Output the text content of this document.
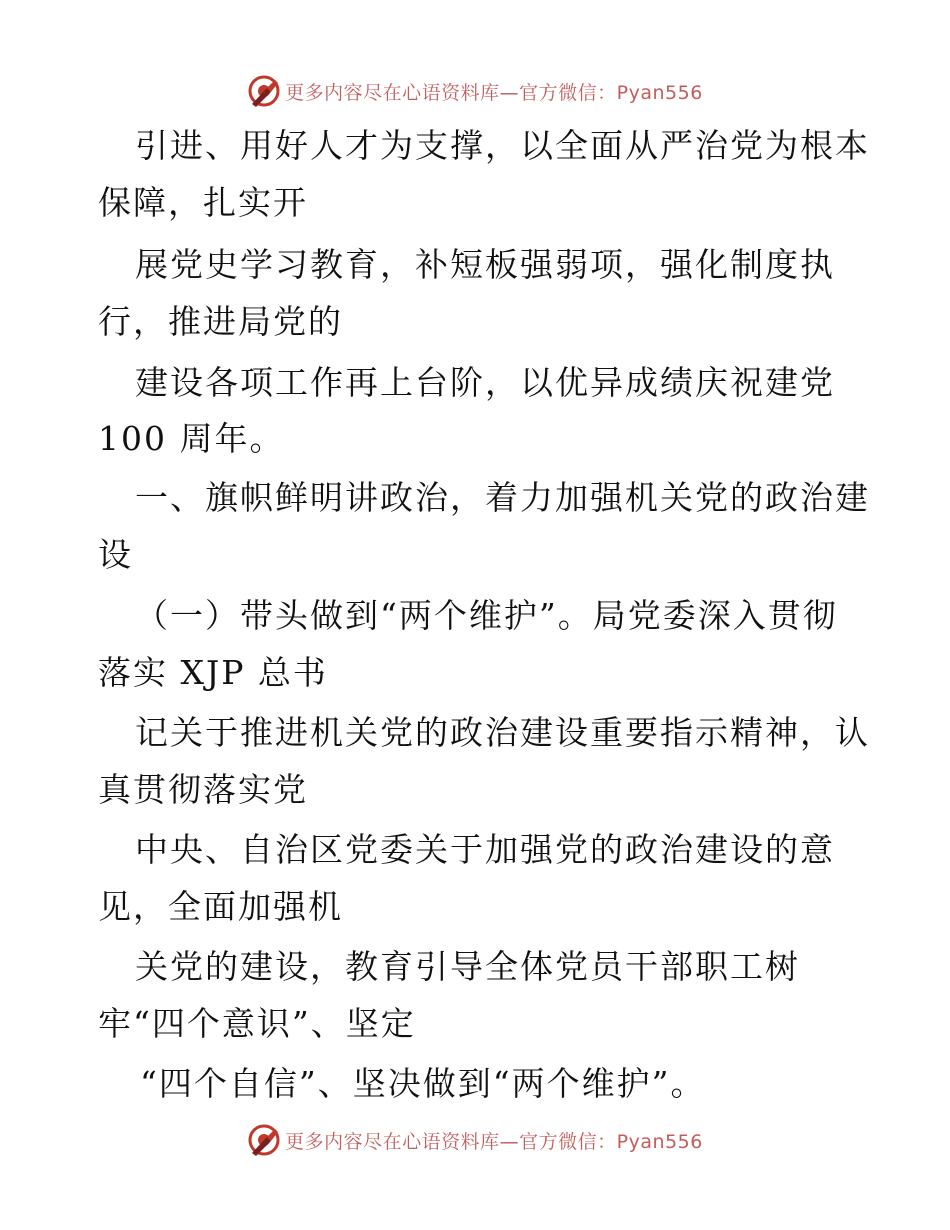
更多内容尽在心语资料库—官方微信：Pyan556
引进、用好人才为支撑，以全面从严治党为根本
保障，扎实开
展党史学习教育，补短板强弱项，强化制度执
行，推进局党的
建设各项工作再上台阶，以优异成绩庆祝建党
100 周年。
一、旗帜鲜明讲政治，着力加强机关党的政治建
设
（一）带头做到“两个维护”。局党委深入贯彻
落实 XJP 总书
记关于推进机关党的政治建设重要指示精神，认
真贯彻落实党
中央、自治区党委关于加强党的政治建设的意
见，全面加强机
关党的建设，教育引导全体党员干部职工树
牢“四个意识”、坚定
“四个自信”、坚决做到“两个维护”。
更多内容尽在心语资料库—官方微信：Pyan556
